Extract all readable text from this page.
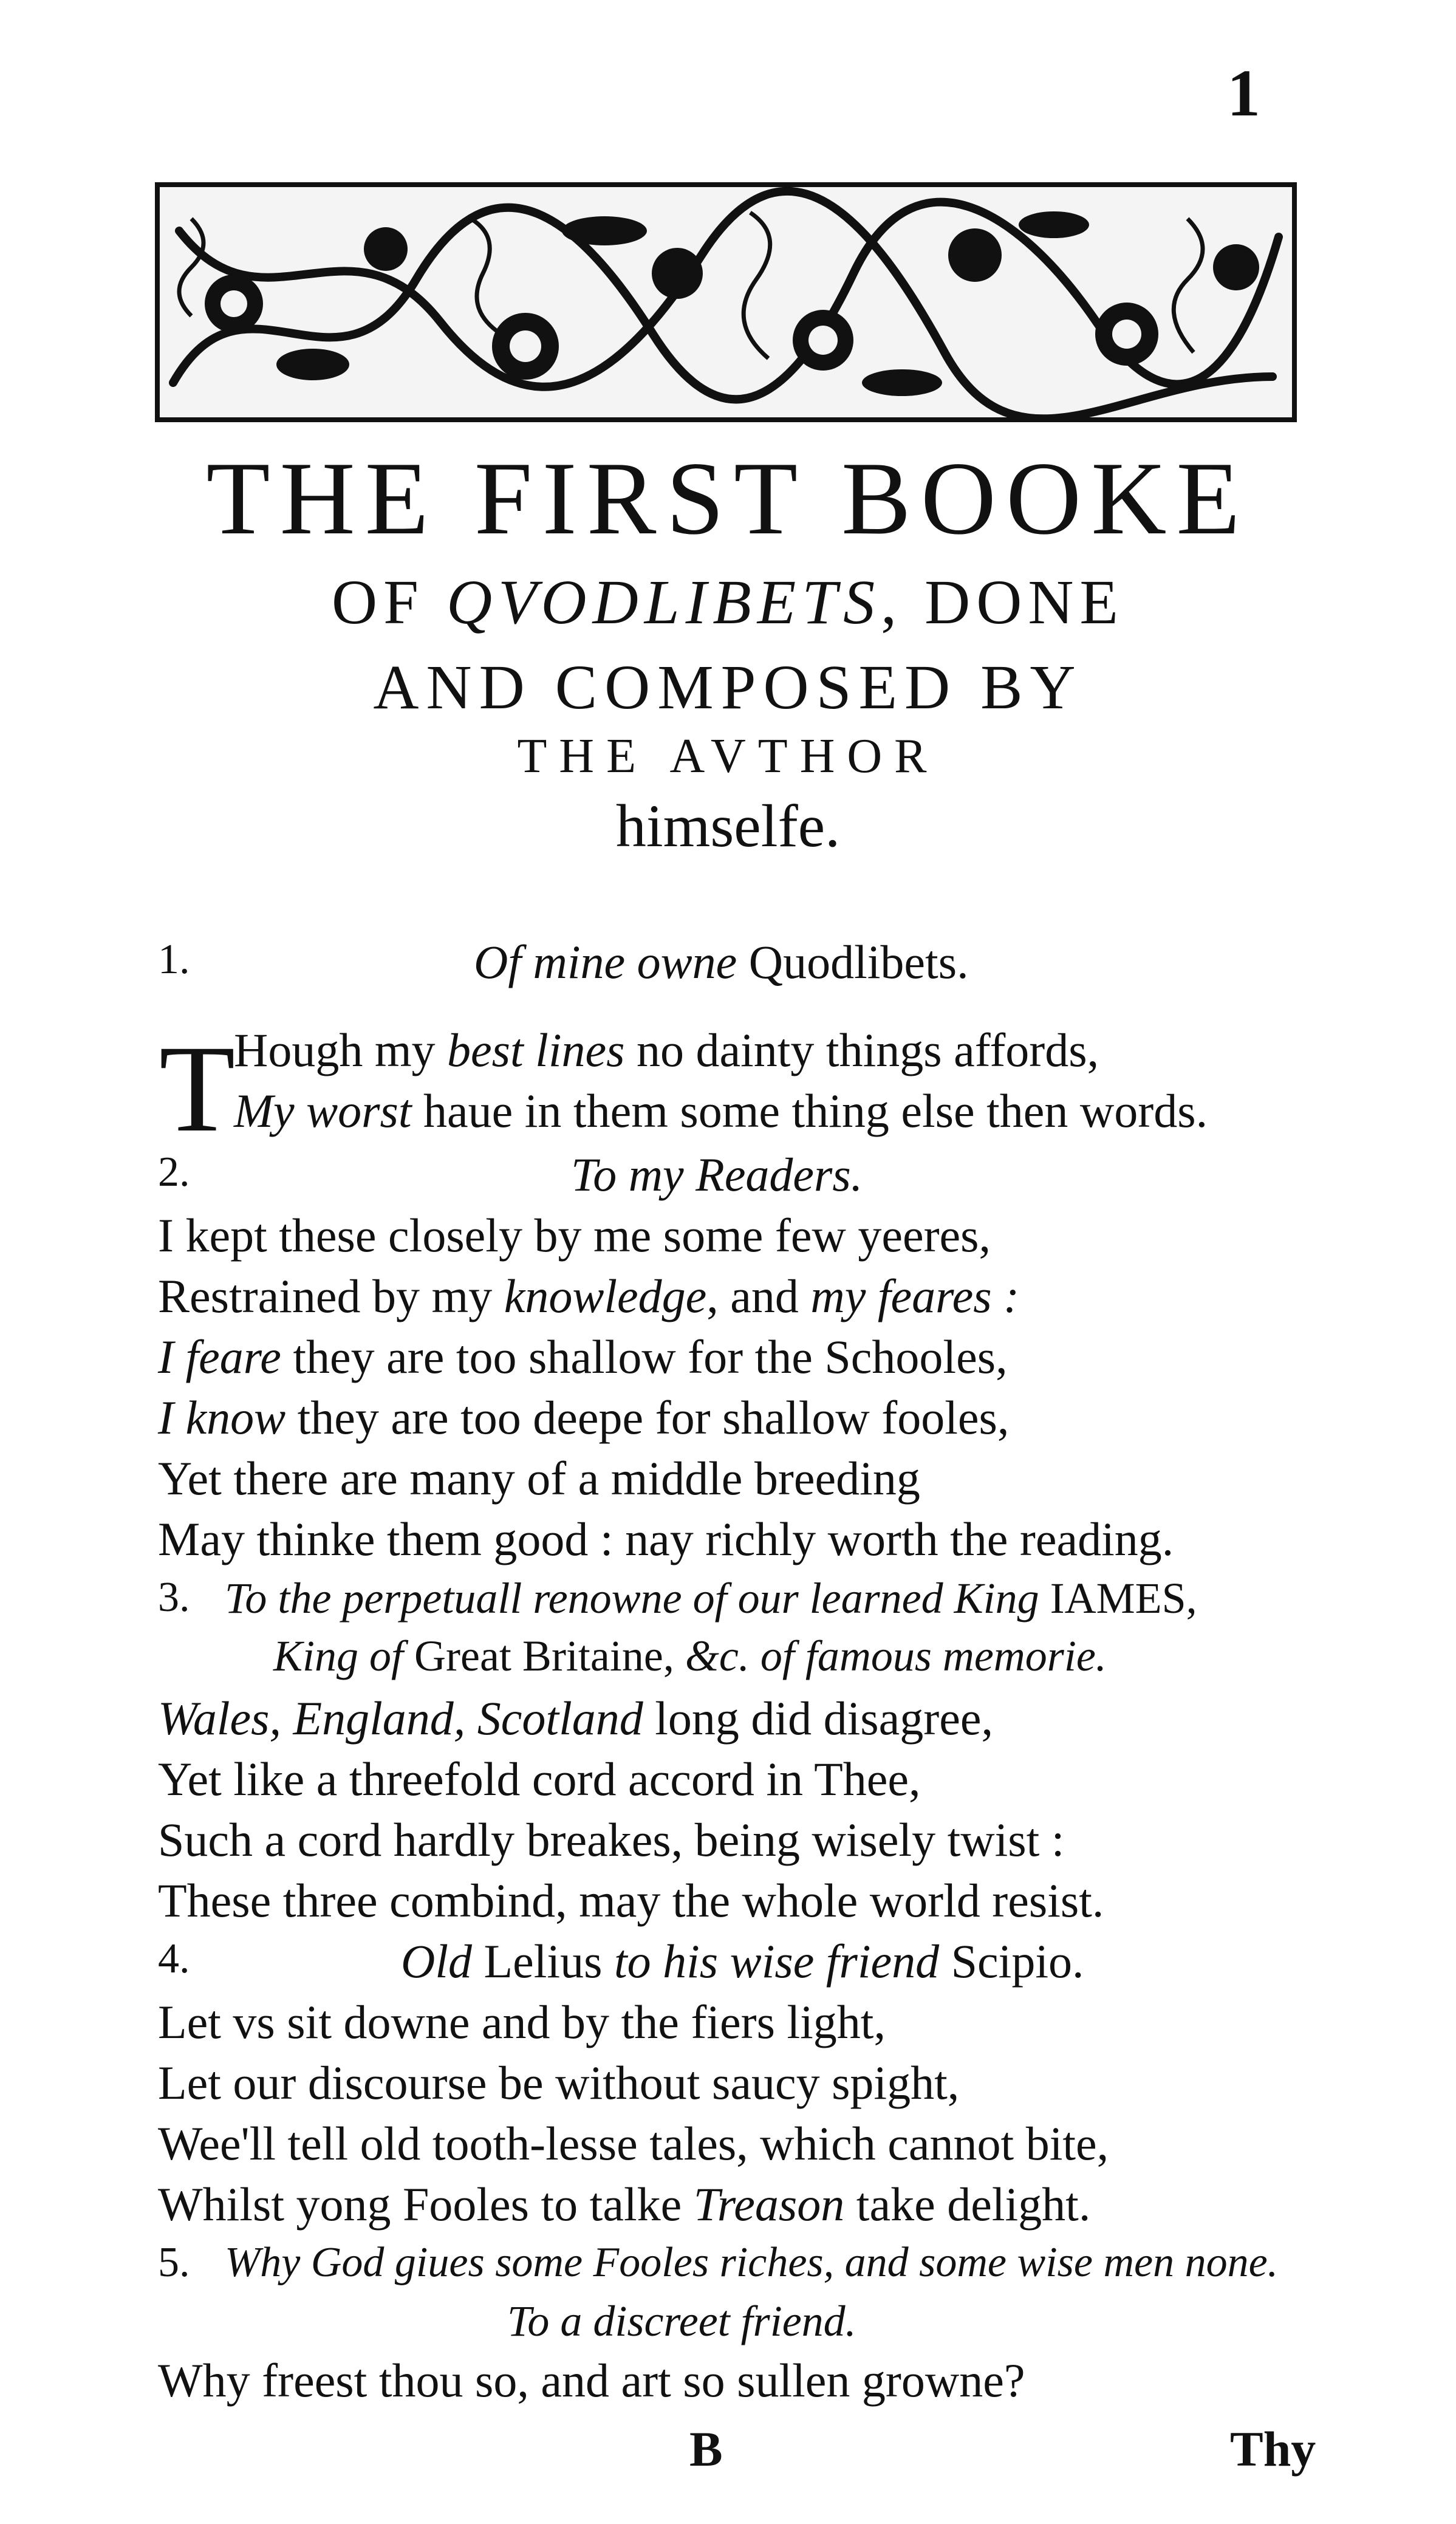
1
THE FIRST BOOKE
OF QVODLIBETS, DONE
AND COMPOSED BY
THE AVTHOR
himselfe.
1.	Of mine owne Quodlibets.
T
Hough my best lines no dainty things affords,
My worst haue in them some thing else then words.
2.	To my Readers.
I kept these closely by me some few yeeres,
Restrained by my knowledge, and my feares :
I feare they are too shallow for the Schooles,
I know they are too deepe for shallow fooles,
Yet there are many of a middle breeding
May thinke them good : nay richly worth the reading.
3. To the perpetuall renowne of our learned King IAMES,
King of Great Britaine, &c. of famous memorie.
Wales, England, Scotland long did disagree,
Yet like a threefold cord accord in Thee,
Such a cord hardly breakes, being wisely twist :
These three combind, may the whole world resist.
4.	Old Lelius to his wise friend Scipio.
Let vs sit downe and by the fiers light,
Let our discourse be without saucy spight,
Wee'll tell old tooth-lesse tales, which cannot bite,
Whilst yong Fooles to talke Treason take delight.
5. Why God giues some Fooles riches, and some wise men none.
To a discreet friend.
Why freest thou so, and art so sullen growne?
B	Thy
